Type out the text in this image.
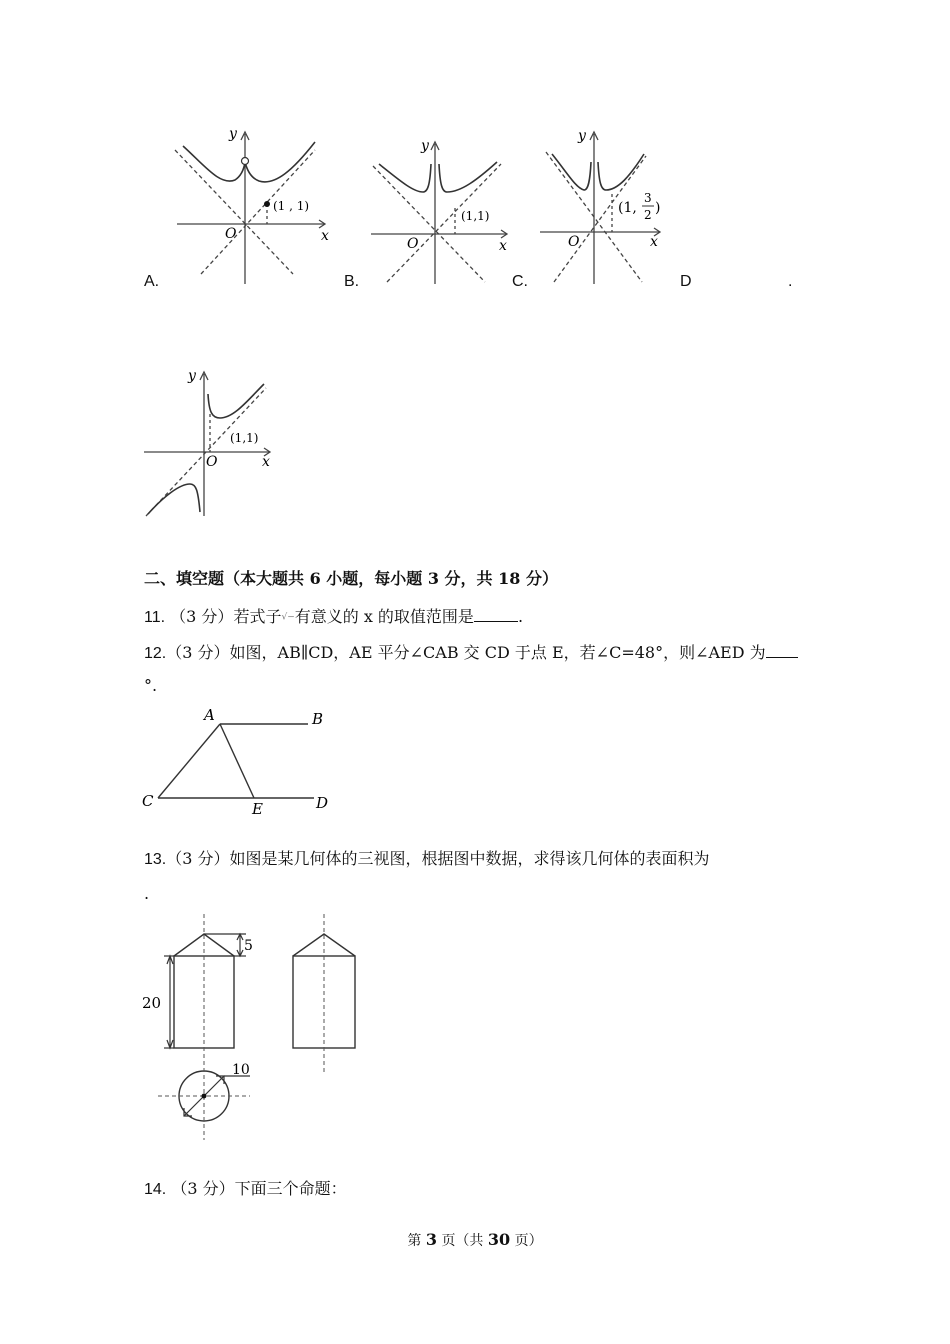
(1 , 1)
O	x
y
(1,1)
O	x
y
(1,
3
2 )
O	x
y
A.	B.	C.	D	.
(1,1)
O	x
y
二、填空题（本大题共 6 小题，每小题 3 分，共 18 分）
11. （3 分）若式子√−有意义的 x 的取值范围是	.
12.（3 分）如图，AB∥CD，AE 平分∠CAB 交 CD 于点 E，若∠C=48°，则∠AED 为
°.
A	B
C	E	D
13.（3 分）如图是某几何体的三视图，根据图中数据，求得该几何体的表面积为
.
20
5
10
14. （3 分）下面三个命题：
第 3 页（共 30 页）
